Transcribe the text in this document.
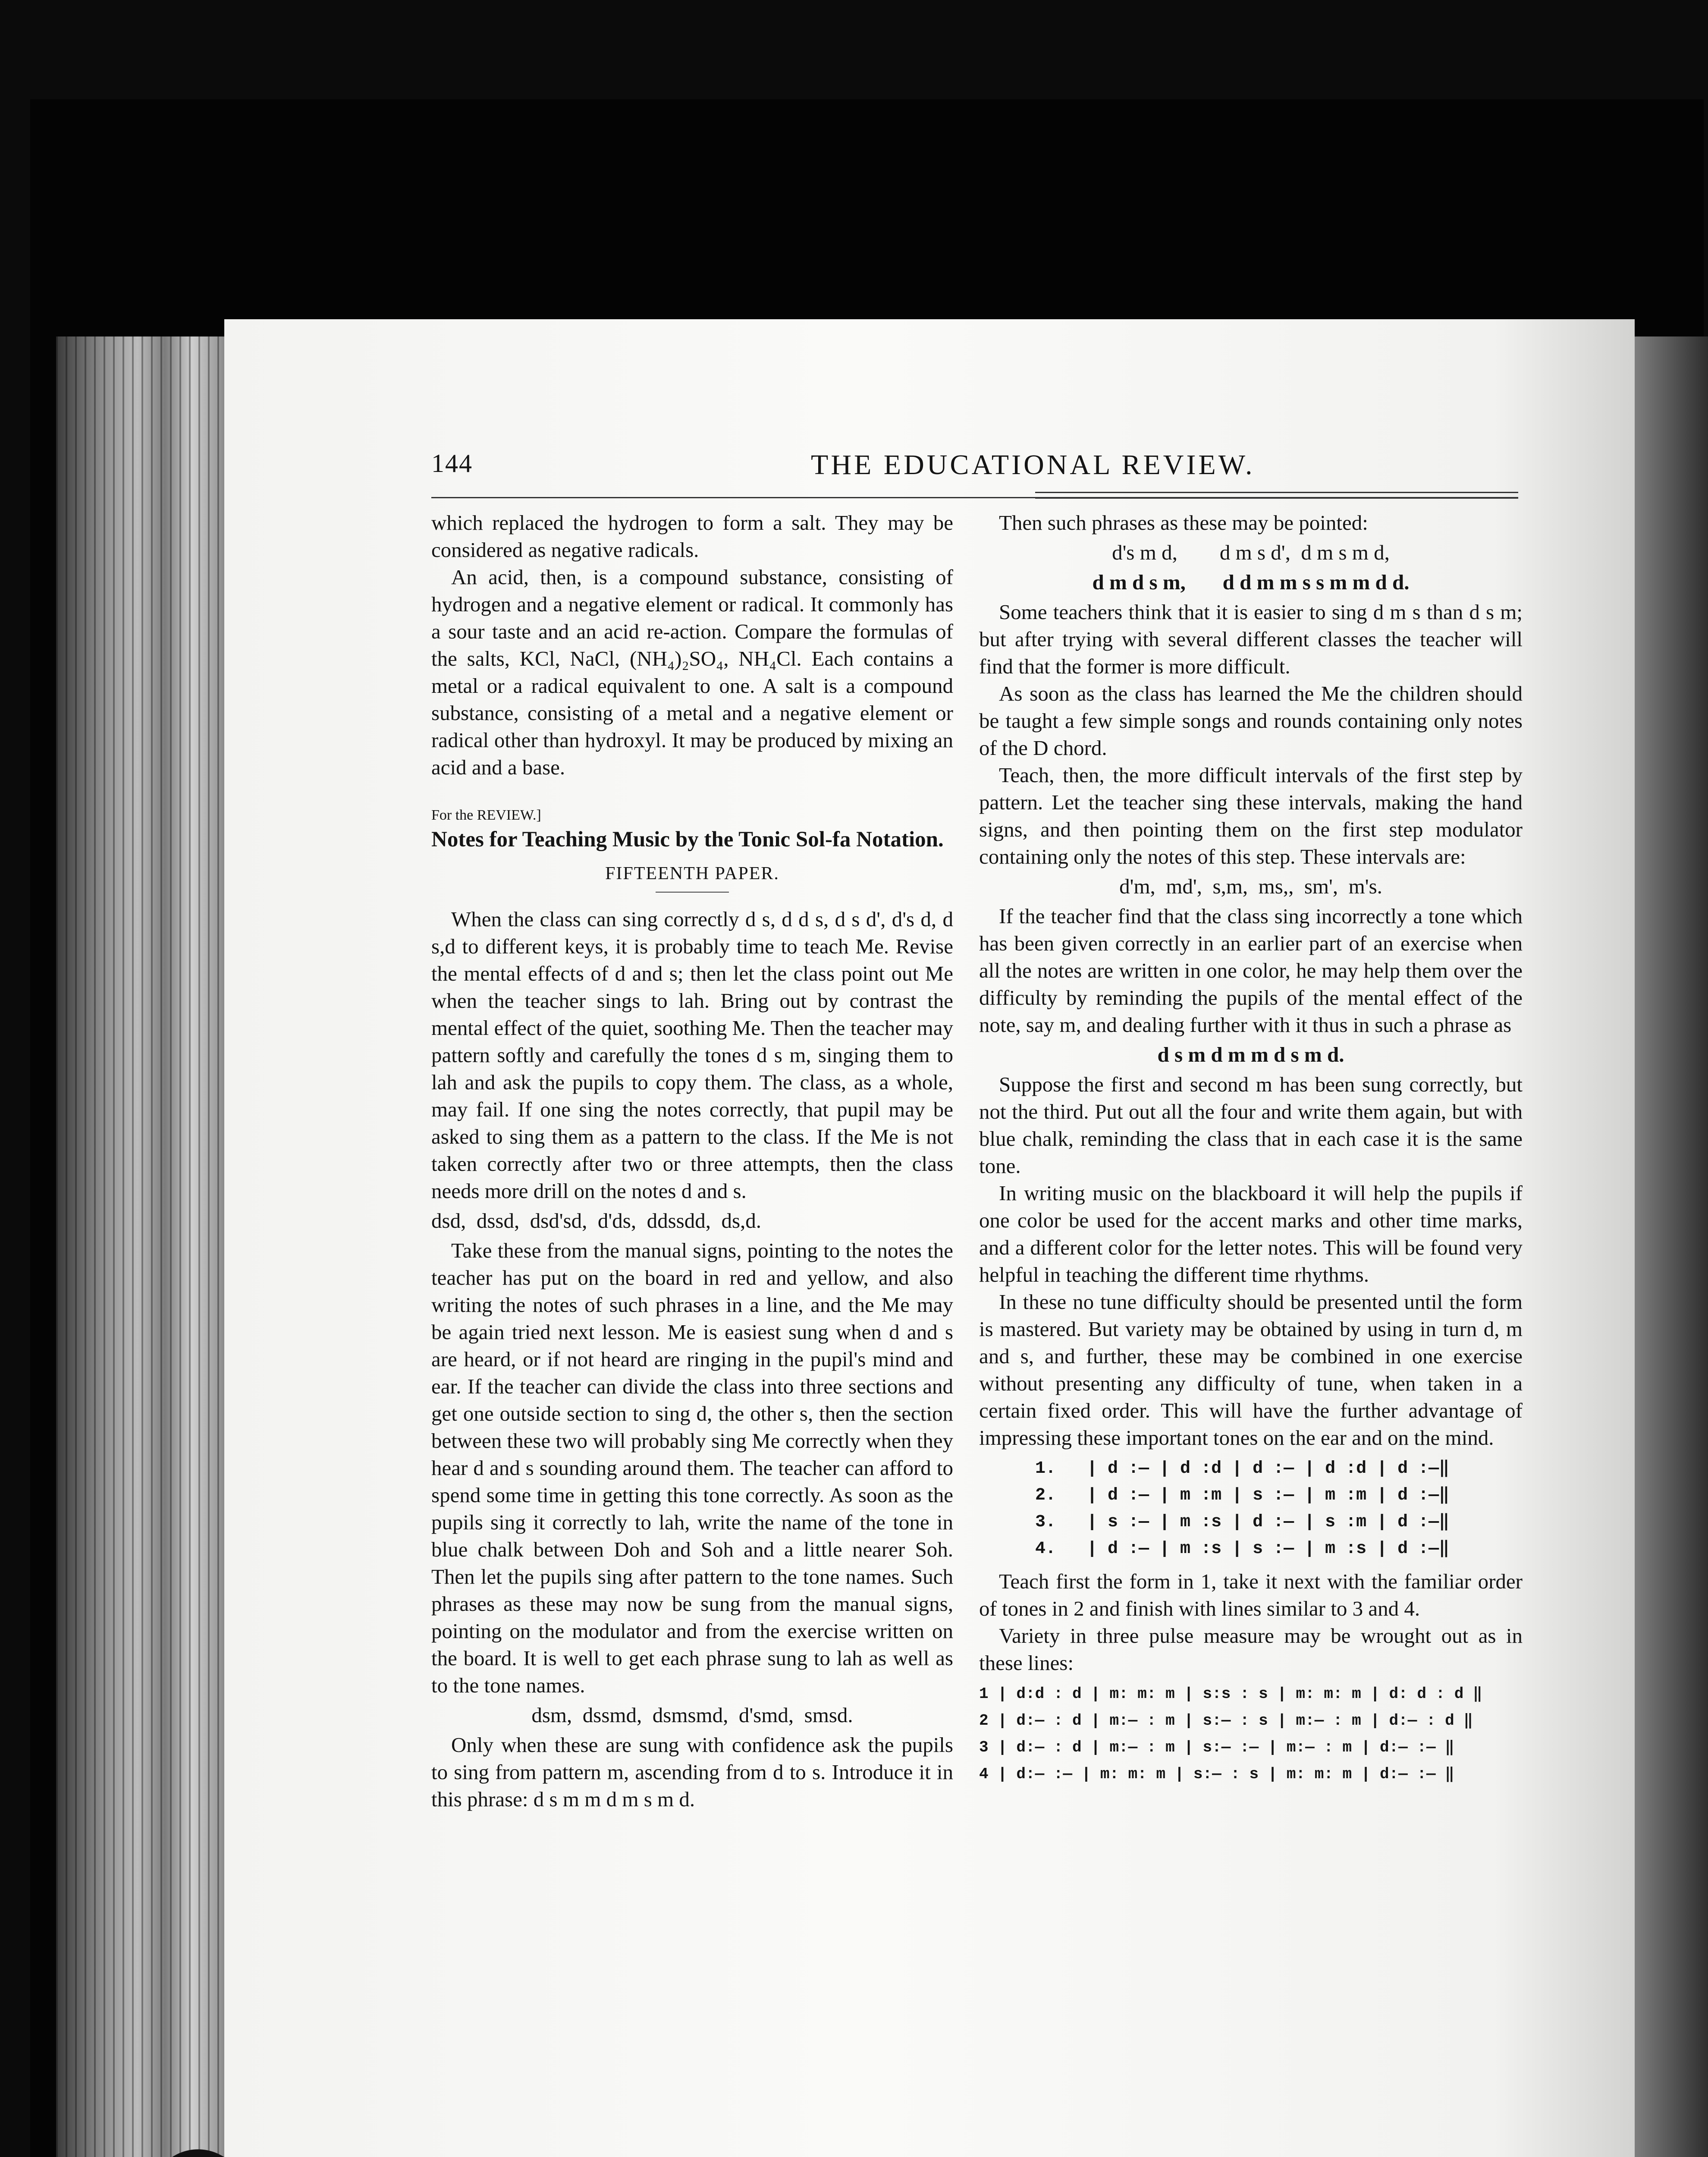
144	THE EDUCATIONAL REVIEW.

which replaced the hydrogen to form a salt. They may be considered as negative radicals.

An acid, then, is a compound substance, consisting of hydrogen and a negative element or radical. It commonly has a sour taste and an acid re-action. Compare the formulas of the salts, KCl, NaCl, (NH₄)₂SO₄, NH₄Cl. Each contains a metal or a radical equivalent to one. A salt is a compound substance, consisting of a metal and a negative element or radical other than hydroxyl. It may be produced by mixing an acid and a base.

For the REVIEW.]
Notes for Teaching Music by the Tonic Sol-fa Notation.
FIFTEENTH PAPER.

When the class can sing correctly d s, d d s, d s d', d's d, d s,d to different keys, it is probably time to teach Me. Revise the mental effects of d and s; then let the class point out Me when the teacher sings to lah. Bring out by contrast the mental effect of the quiet, soothing Me. Then the teacher may pattern softly and carefully the tones d s m, singing them to lah and ask the pupils to copy them. The class, as a whole, may fail. If one sing the notes correctly, that pupil may be asked to sing them as a pattern to the class. If the Me is not taken correctly after two or three attempts, then the class needs more drill on the notes d and s.

dsd,  dssd,  dsd'sd,  d'ds,  ddssdd,  ds,d.

Take these from the manual signs, pointing to the notes the teacher has put on the board in red and yellow, and also writing the notes of such phrases in a line, and the Me may be again tried next lesson. Me is easiest sung when d and s are heard, or if not heard are ringing in the pupil's mind and ear. If the teacher can divide the class into three sections and get one outside section to sing d, the other s, then the section between these two will probably sing Me correctly when they hear d and s sounding around them. The teacher can afford to spend some time in getting this tone correctly. As soon as the pupils sing it correctly to lah, write the name of the tone in blue chalk between Doh and Soh and a little nearer Soh. Then let the pupils sing after pattern to the tone names. Such phrases as these may now be sung from the manual signs, pointing on the modulator and from the exercise written on the board. It is well to get each phrase sung to lah as well as to the tone names.

dsm,  dssmd,  dsmsmd,  d'smd,  smsd.

Only when these are sung with confidence ask the pupils to sing from pattern m, ascending from d to s. Introduce it in this phrase: d s m m d m s m d.

Then such phrases as these may be pointed:

d's m d,        d m s d',  d m s m d,
d m d s m,       d d m m s s m m d d.

Some teachers think that it is easier to sing d m s than d s m; but after trying with several different classes the teacher will find that the former is more difficult.

As soon as the class has learned the Me the children should be taught a few simple songs and rounds containing only notes of the D chord.

Teach, then, the more difficult intervals of the first step by pattern. Let the teacher sing these intervals, making the hand signs, and then pointing them on the first step modulator containing only the notes of this step. These intervals are:

d'm,  md',  s,m,  ms,,  sm',  m's.

If the teacher find that the class sing incorrectly a tone which has been given correctly in an earlier part of an exercise when all the notes are written in one color, he may help them over the difficulty by reminding the pupils of the mental effect of the note, say m, and dealing further with it thus in such a phrase as

d s m d m m d s m d.

Suppose the first and second m has been sung correctly, but not the third. Put out all the four and write them again, but with blue chalk, reminding the class that in each case it is the same tone.

In writing music on the blackboard it will help the pupils if one color be used for the accent marks and other time marks, and a different color for the letter notes. This will be found very helpful in teaching the different time rhythms.

In these no tune difficulty should be presented until the form is mastered. But variety may be obtained by using in turn d, m and s, and further, these may be combined in one exercise without presenting any difficulty of tune, when taken in a certain fixed order. This will have the further advantage of impressing these important tones on the ear and on the mind.

1.   | d :— | d :d | d :— | d :d | d :—‖
2.   | d :— | m :m | s :— | m :m | d :—‖
3.   | s :— | m :s | d :— | s :m | d :—‖
4.   | d :— | m :s | s :— | m :s | d :—‖

Teach first the form in 1, take it next with the familiar order of tones in 2 and finish with lines similar to 3 and 4.

Variety in three pulse measure may be wrought out as in these lines:

1 | d:d : d | m: m: m | s:s : s | m: m: m | d: d : d ‖
2 | d:— : d | m:— : m | s:— : s | m:— : m | d:— : d ‖
3 | d:— : d | m:— : m | s:— :— | m:— : m | d:— :— ‖
4 | d:— :— | m: m: m | s:— : s | m: m: m | d:— :— ‖
